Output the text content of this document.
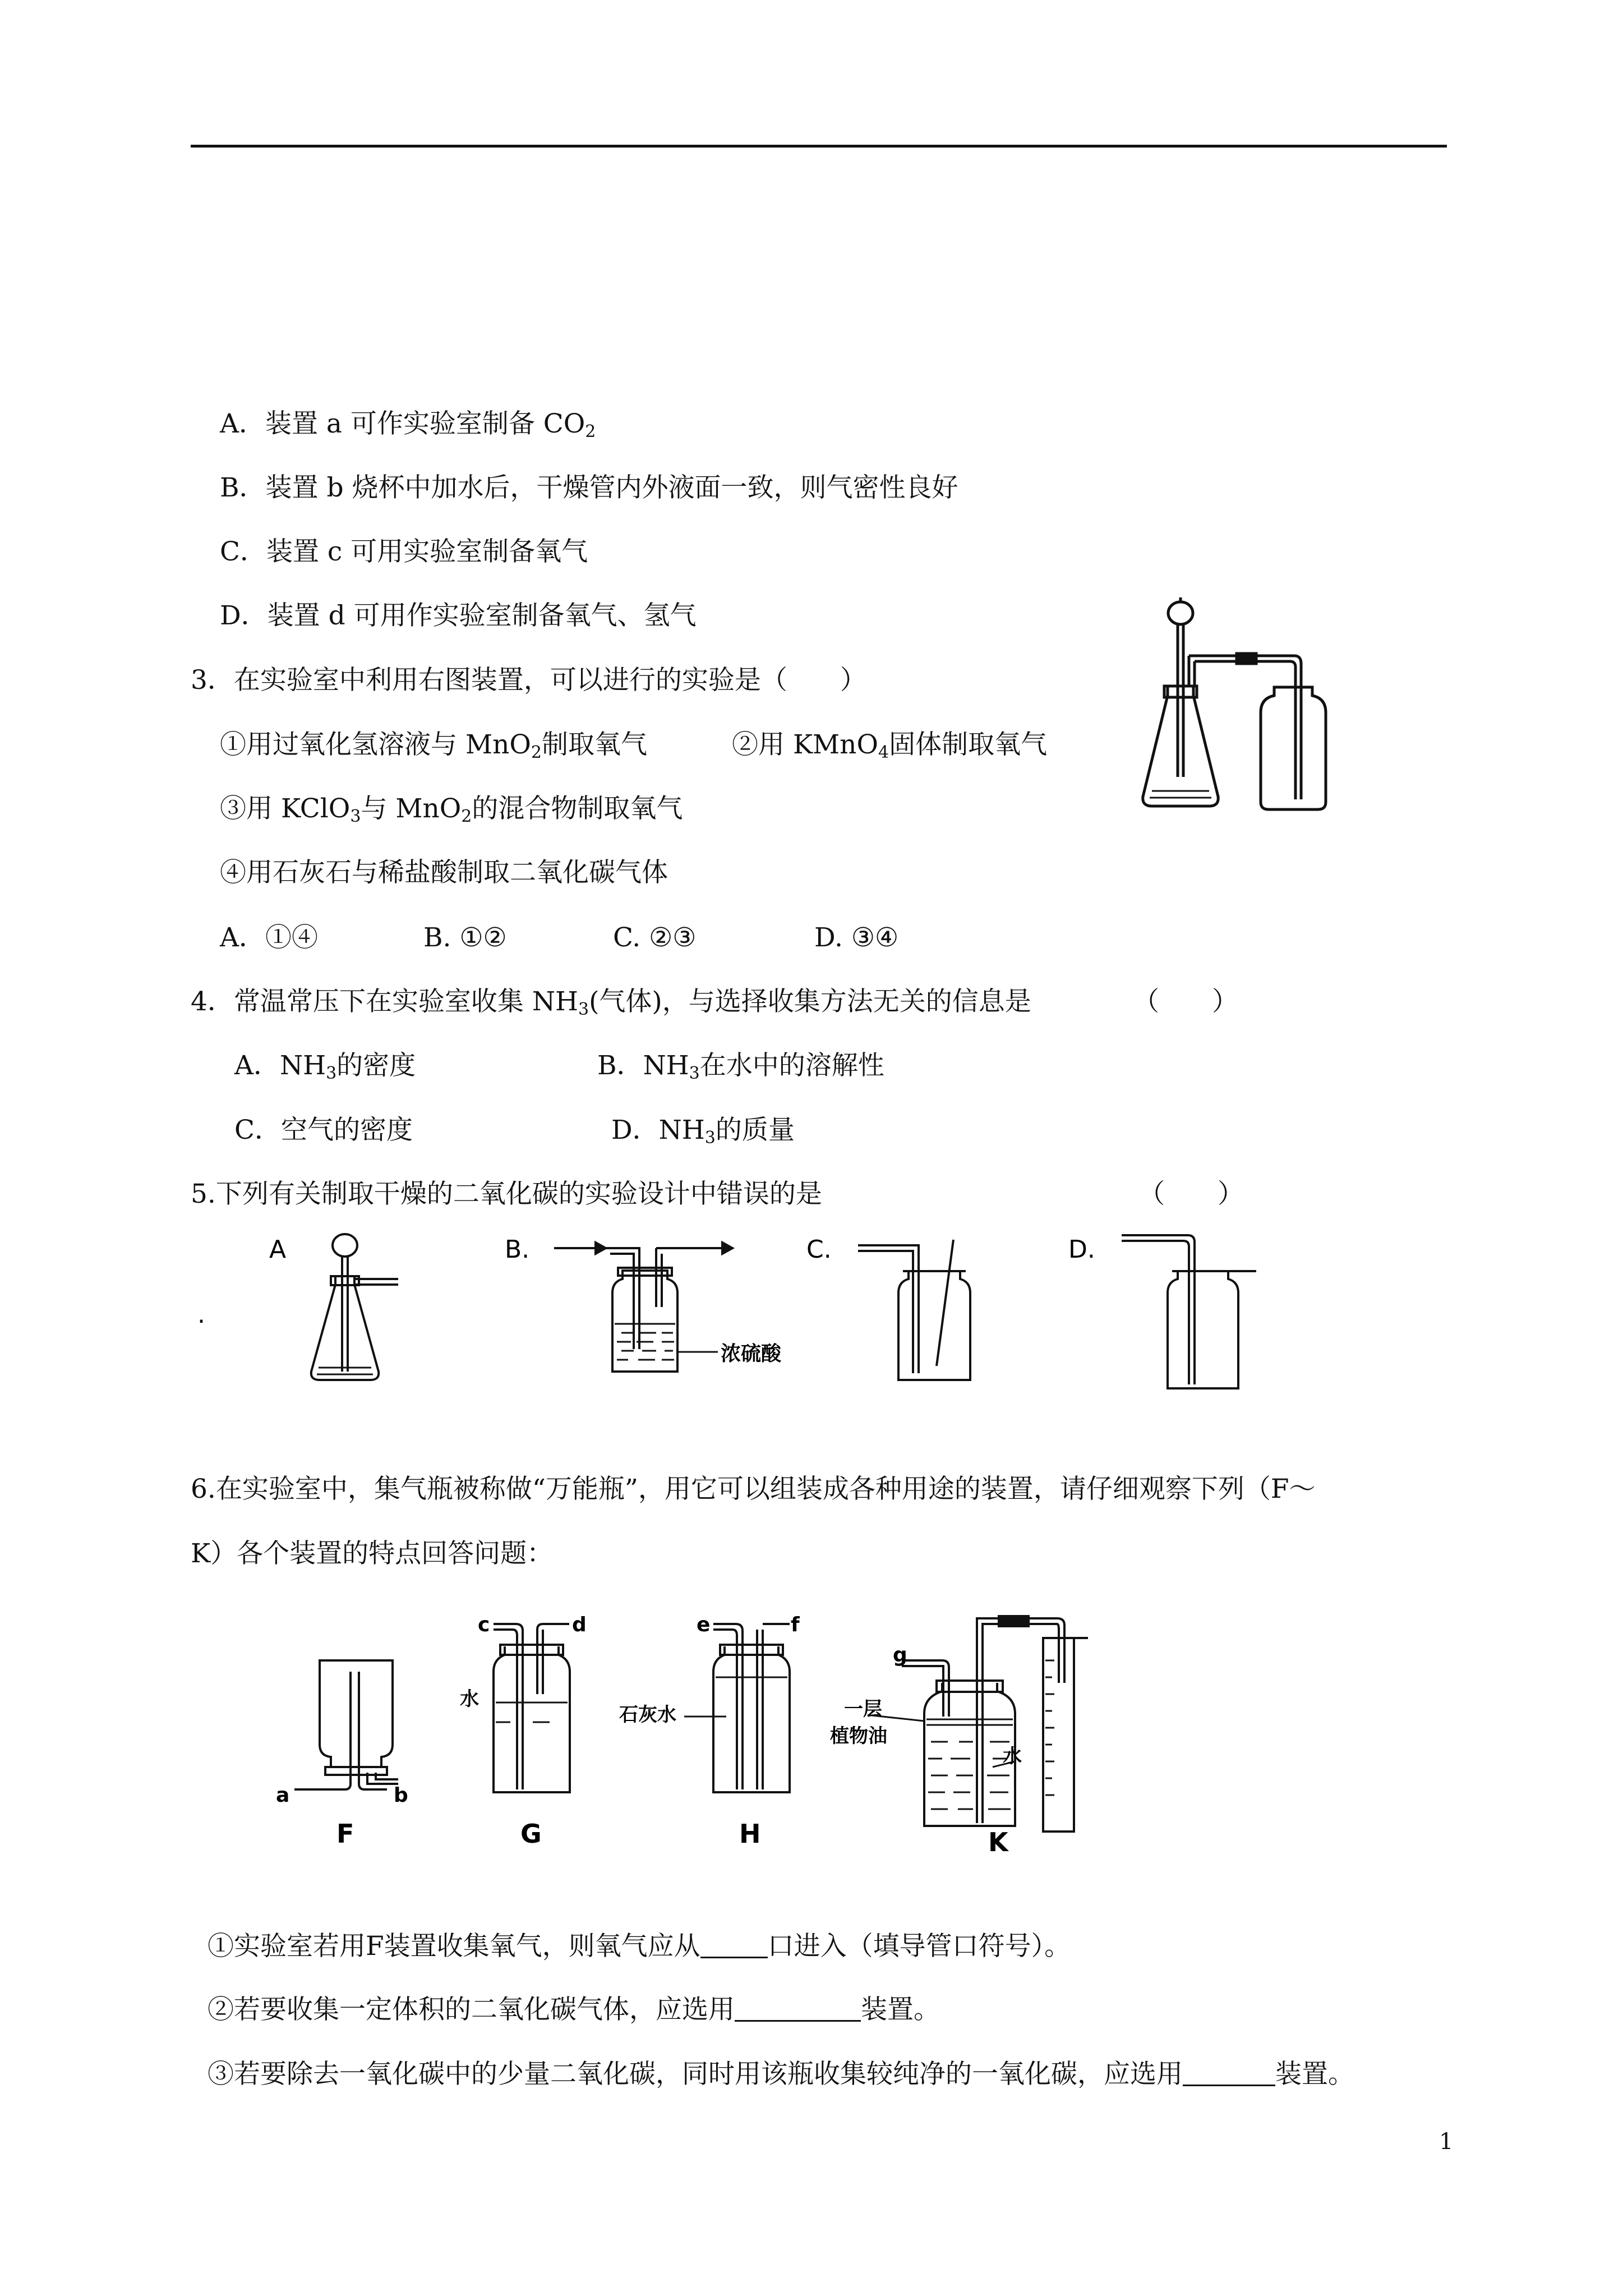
A．装置 a 可作实验室制备 $CO_2$
B．装置 b 烧杯中加水后，干燥管内外液面一致，则气密性良好
C．装置 c 可用实验室制备氧气
D．装置 d 可用作实验室制备氧气、氢气
3．在实验室中利用右图装置，可以进行的实验是（　　）
①用过氧化氢溶液与 MnO$_2$制取氧气	②用 KMnO$_4$固体制取氧气
③用 KClO$_3$与 MnO$_2$的混合物制取氧气
④用石灰石与稀盐酸制取二氧化碳气体
A．①④	B. ①②	C. ②③	D. ③④
4．常温常压下在实验室收集 $NH_3$(气体)，与选择收集方法无关的信息是	（　　）
A．$NH_3$的密度	B．$NH_3$在水中的溶解性
C．空气的密度	D．$NH_3$的质量
5.下列有关制取干燥的二氧化碳的实验设计中错误的是	（　　）
A	B.	C.	D.
.
浓硫酸
6.在实验室中，集气瓶被称做“万能瓶”，用它可以组装成各种用途的装置，请仔细观察下列（F～
K）各个装置的特点回答问题：
a	b
F
c	d
水
G
e	f
石灰水
H
g
一层
植物油
水
K
①实验室若用F装置收集氧气，则氧气应从	口进入（填导管口符号）。
②若要收集一定体积的二氧化碳气体，应选用	装置。
③若要除去一氧化碳中的少量二氧化碳，同时用该瓶收集较纯净的一氧化碳，应选用	装置。
1
